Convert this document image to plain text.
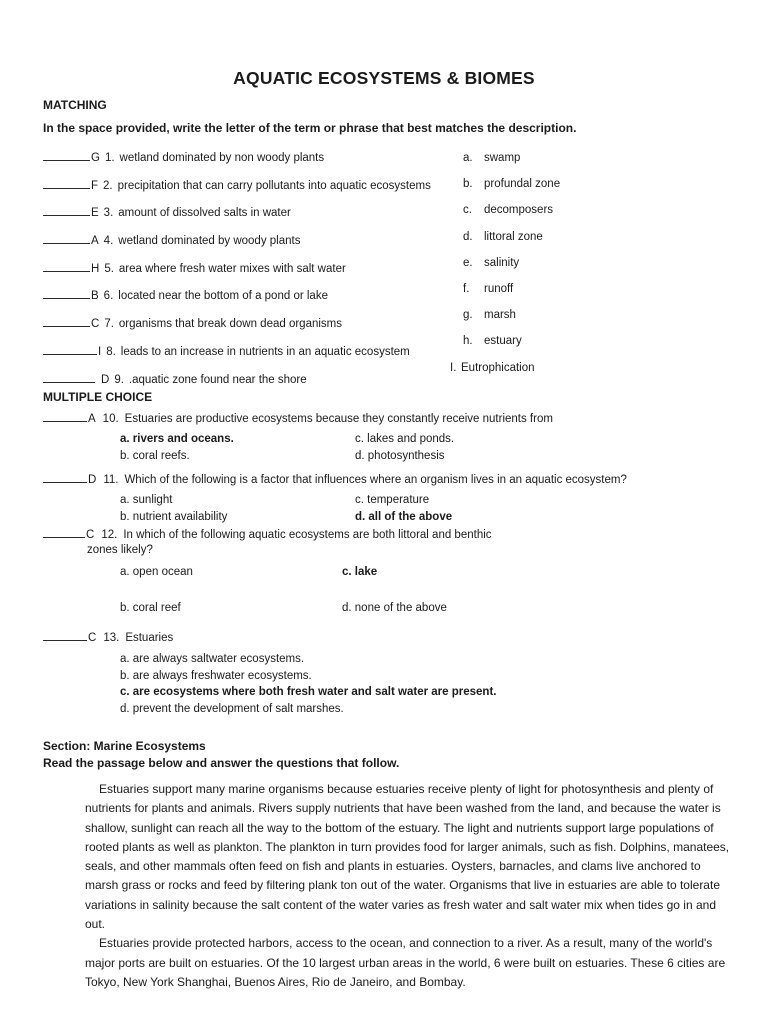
AQUATIC ECOSYSTEMS & BIOMES
MATCHING
In the space provided, write the letter of the term or phrase that best matches the description.
G 1. wetland dominated by non woody plants
F 2. precipitation that can carry pollutants into aquatic ecosystems
E 3. amount of dissolved salts in water
A 4. wetland dominated by woody plants
H 5. area where fresh water mixes with salt water
B 6. located near the bottom of a pond or lake
C 7. organisms that break down dead organisms
I 8. leads to an increase in nutrients in an aquatic ecosystem
D 9. .aquatic zone found near the shore
a. swamp
b. profundal zone
c. decomposers
d. littoral zone
e. salinity
f. runoff
g. marsh
h. estuary
I. Eutrophication
MULTIPLE CHOICE
A 10. Estuaries are productive ecosystems because they constantly receive nutrients from
a. rivers and oceans.	c. lakes and ponds.
b. coral reefs.	d. photosynthesis
D 11. Which of the following is a factor that influences where an organism lives in an aquatic ecosystem?
a. sunlight	c. temperature
b. nutrient availability	d. all of the above
C 12. In which of the following aquatic ecosystems are both littoral and benthic
zones likely?
a. open ocean	c. lake
b. coral reef	d. none of the above
C 13. Estuaries
a. are always saltwater ecosystems.
b. are always freshwater ecosystems.
c. are ecosystems where both fresh water and salt water are present.
d. prevent the development of salt marshes.
Section: Marine Ecosystems
Read the passage below and answer the questions that follow.

Estuaries support many marine organisms because estuaries receive plenty of light for photosynthesis and plenty of nutrients for plants and animals. Rivers supply nutrients that have been washed from the land, and because the water is shallow, sunlight can reach all the way to the bottom of the estuary. The light and nutrients support large populations of rooted plants as well as plankton. The plankton in turn provides food for larger animals, such as fish. Dolphins, manatees, seals, and other mammals often feed on fish and plants in estuaries. Oysters, barnacles, and clams live anchored to marsh grass or rocks and feed by filtering plank ton out of the water. Organisms that live in estuaries are able to tolerate variations in salinity because the salt content of the water varies as fresh water and salt water mix when tides go in and out.

Estuaries provide protected harbors, access to the ocean, and connection to a river. As a result, many of the world's major ports are built on estuaries. Of the 10 largest urban areas in the world, 6 were built on estuaries. These 6 cities are Tokyo, New York Shanghai, Buenos Aires, Rio de Janeiro, and Bombay.
